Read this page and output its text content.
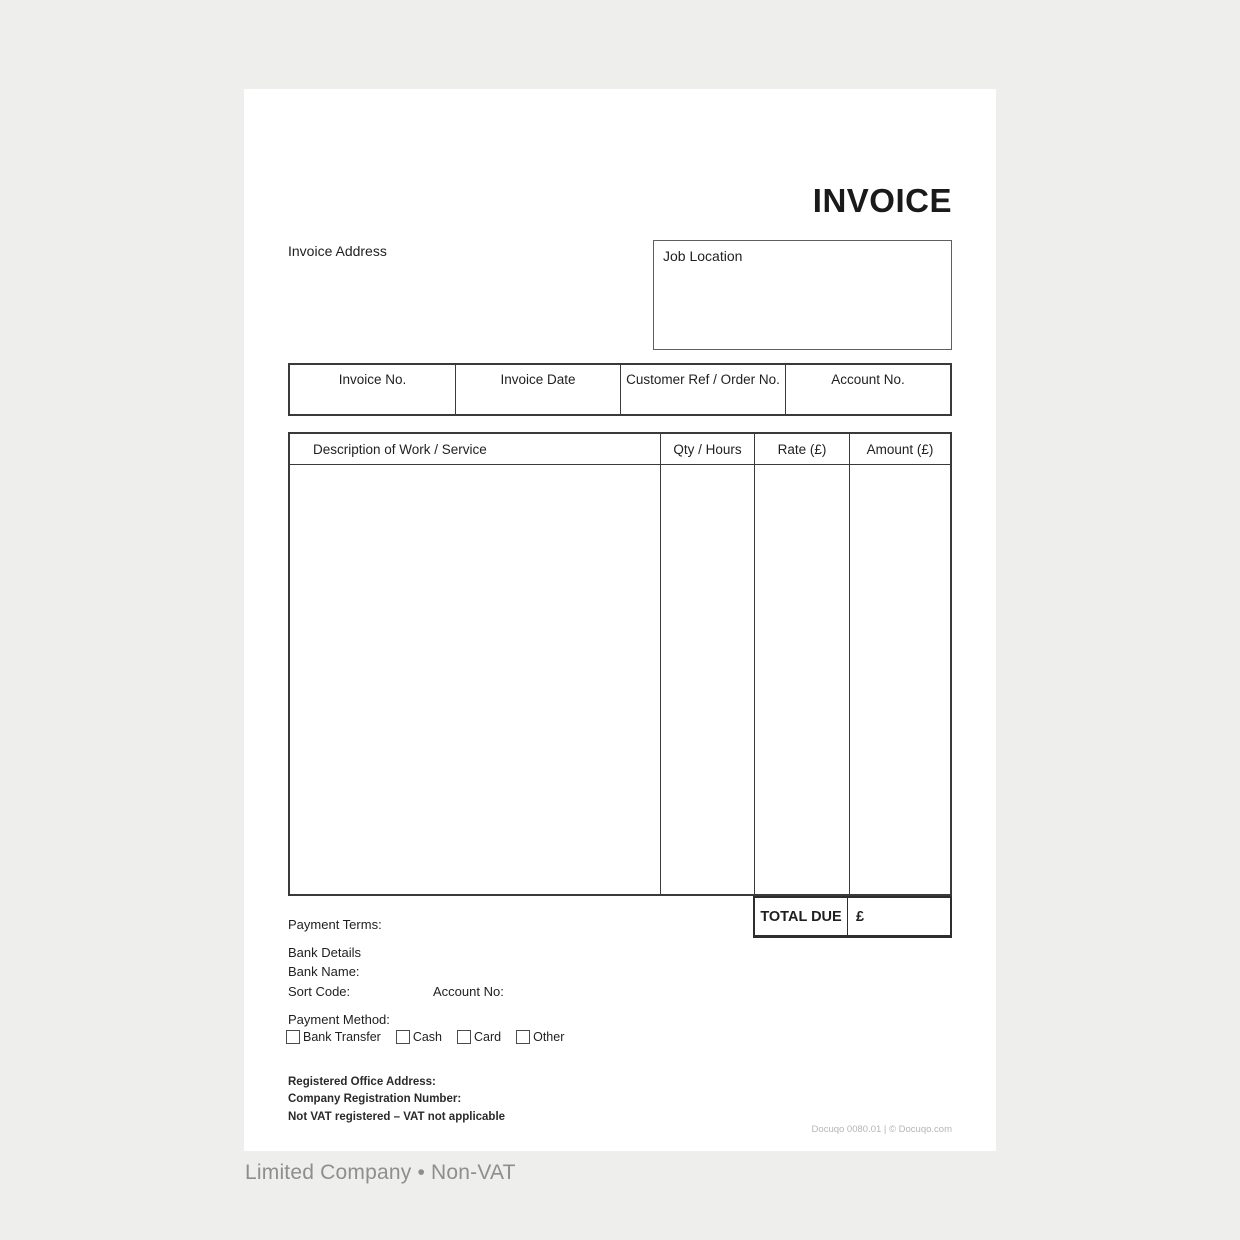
INVOICE
Invoice Address	Job Location
Invoice No.	Invoice Date	Customer Ref / Order No.	Account No.
Description of Work / Service	Qty / Hours	Rate (£)	Amount (£)
TOTAL DUE £
Payment Terms:
Bank Details
Bank Name:
Sort Code:	Account No:
Payment Method:
Bank Transfer	Cash	Card	Other
Registered Office Address:
Company Registration Number:
Not VAT registered – VAT not applicable
Docuqo 0080.01 | © Docuqo.com
Limited Company • Non-VAT
